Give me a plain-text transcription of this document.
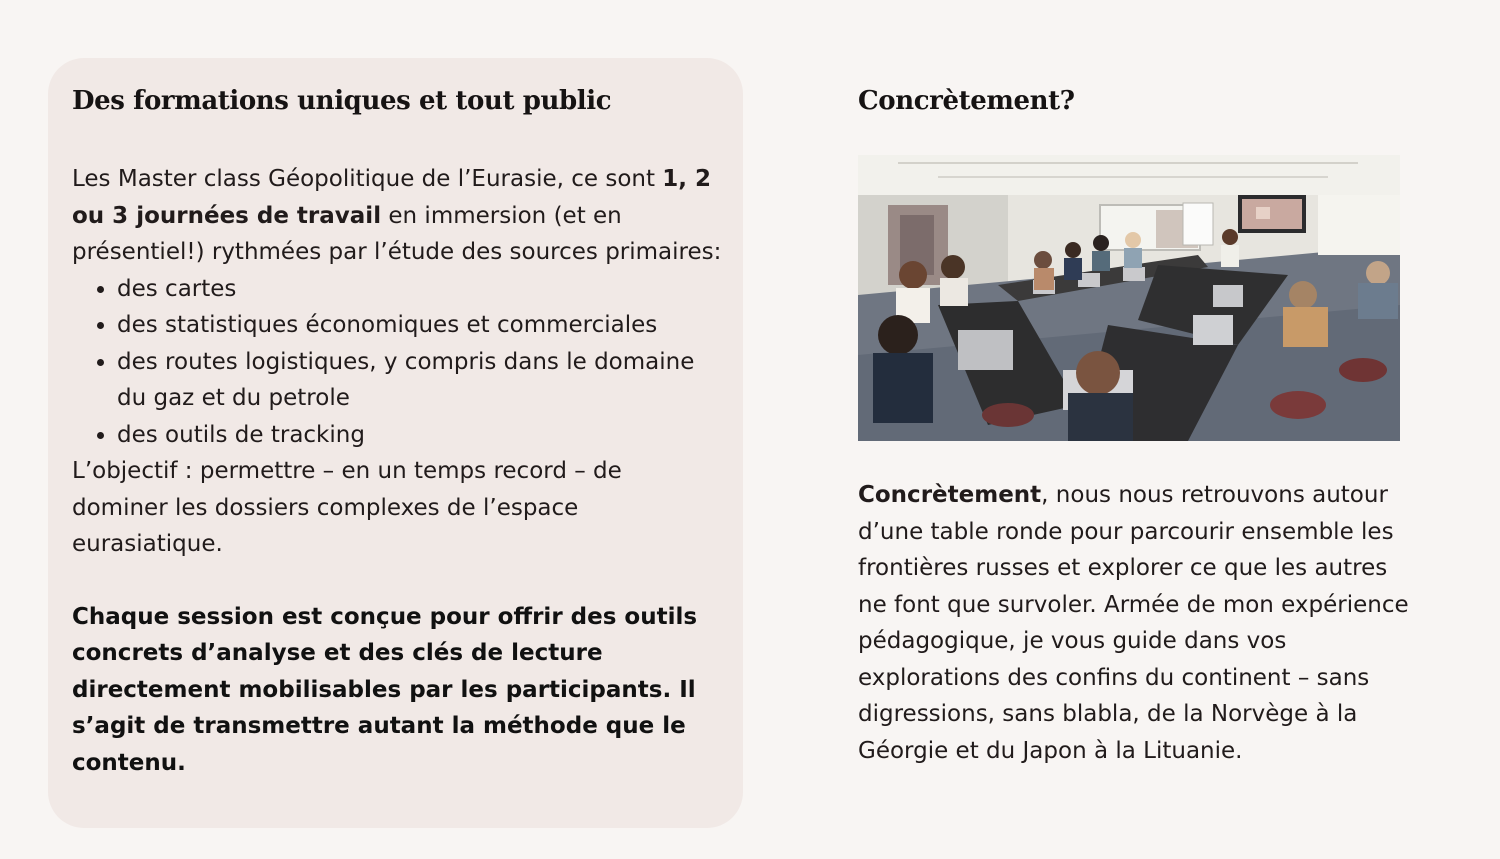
Des formations uniques et tout public

Les Master class Géopolitique de l’Eurasie, ce sont 1, 2 ou 3 journées de travail en immersion (et en présentiel!) rythmées par l’étude des sources primaires:

• des cartes
• des statistiques économiques et commerciales
• des routes logistiques, y compris dans le domaine du gaz et du petrole
• des outils de tracking

L’objectif : permettre – en un temps record – de dominer les dossiers complexes de l’espace eurasiatique.

Chaque session est conçue pour offrir des outils concrets d’analyse et des clés de lecture directement mobilisables par les participants. Il s’agit de transmettre autant la méthode que le contenu.

Concrètement?

Concrètement, nous nous retrouvons autour d’une table ronde pour parcourir ensemble les frontières russes et explorer ce que les autres ne font que survoler. Armée de mon expérience pédagogique, je vous guide dans vos explorations des confins du continent – sans digressions, sans blabla, de la Norvège à la Géorgie et du Japon à la Lituanie.
